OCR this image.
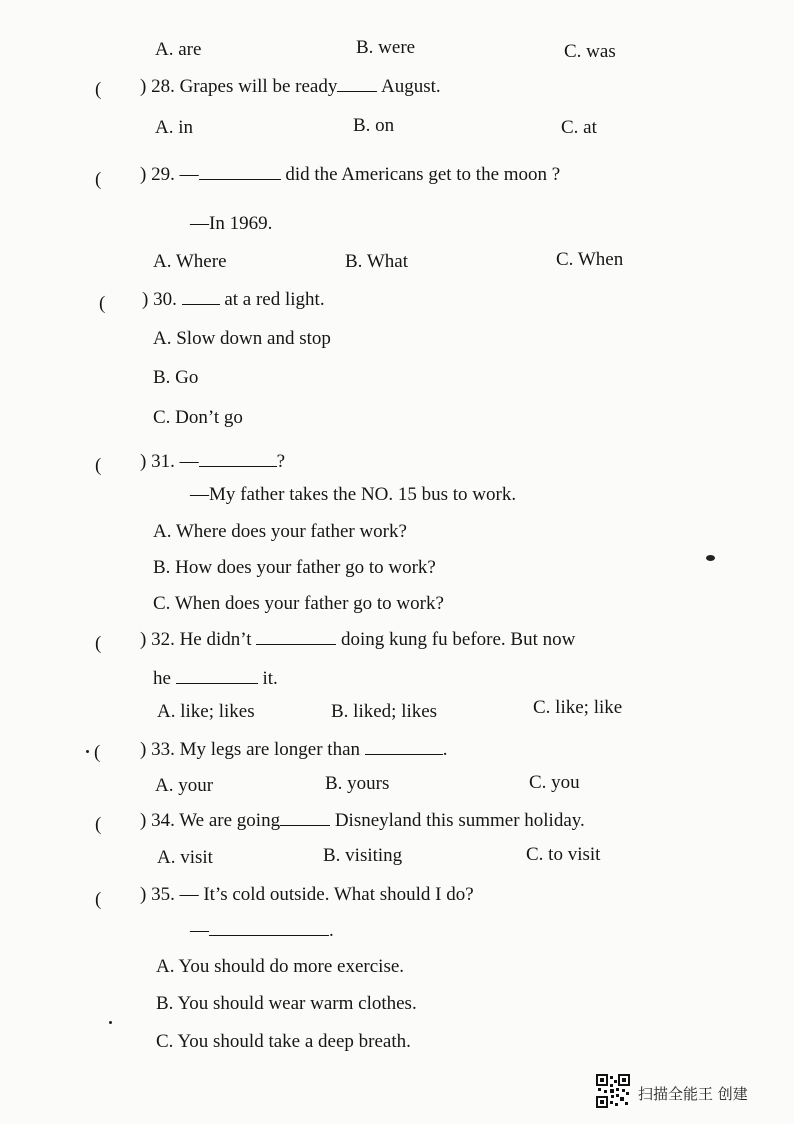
A. are	B. were	C. was
( ) 28. Grapes will be ready August.
A. in	B. on	C. at
( ) 29. —	did the Americans get to the moon ?
—In 1969.
A. Where	B. What	C. When
( ) 30.	at a red light.
A. Slow down and stop
B. Go
C. Don’t go
( ) 31. —	?
—My father takes the NO. 15 bus to work.
A. Where does your father work?
B. How does your father go to work?
C. When does your father go to work?
( ) 32. He didn’t	doing kung fu before. But now
he	it.
A. like; likes	B. liked; likes	C. like; like
( ) 33. My legs are longer than	.
A. your	B. yours	C. you
( ) 34. We are going	Disneyland this summer holiday.
A. visit	B. visiting	C. to visit
( ) 35. — It’s cold outside. What should I do?
—	.
A. You should do more exercise.
B. You should wear warm clothes.
C. You should take a deep breath.
扫描全能王 创建
